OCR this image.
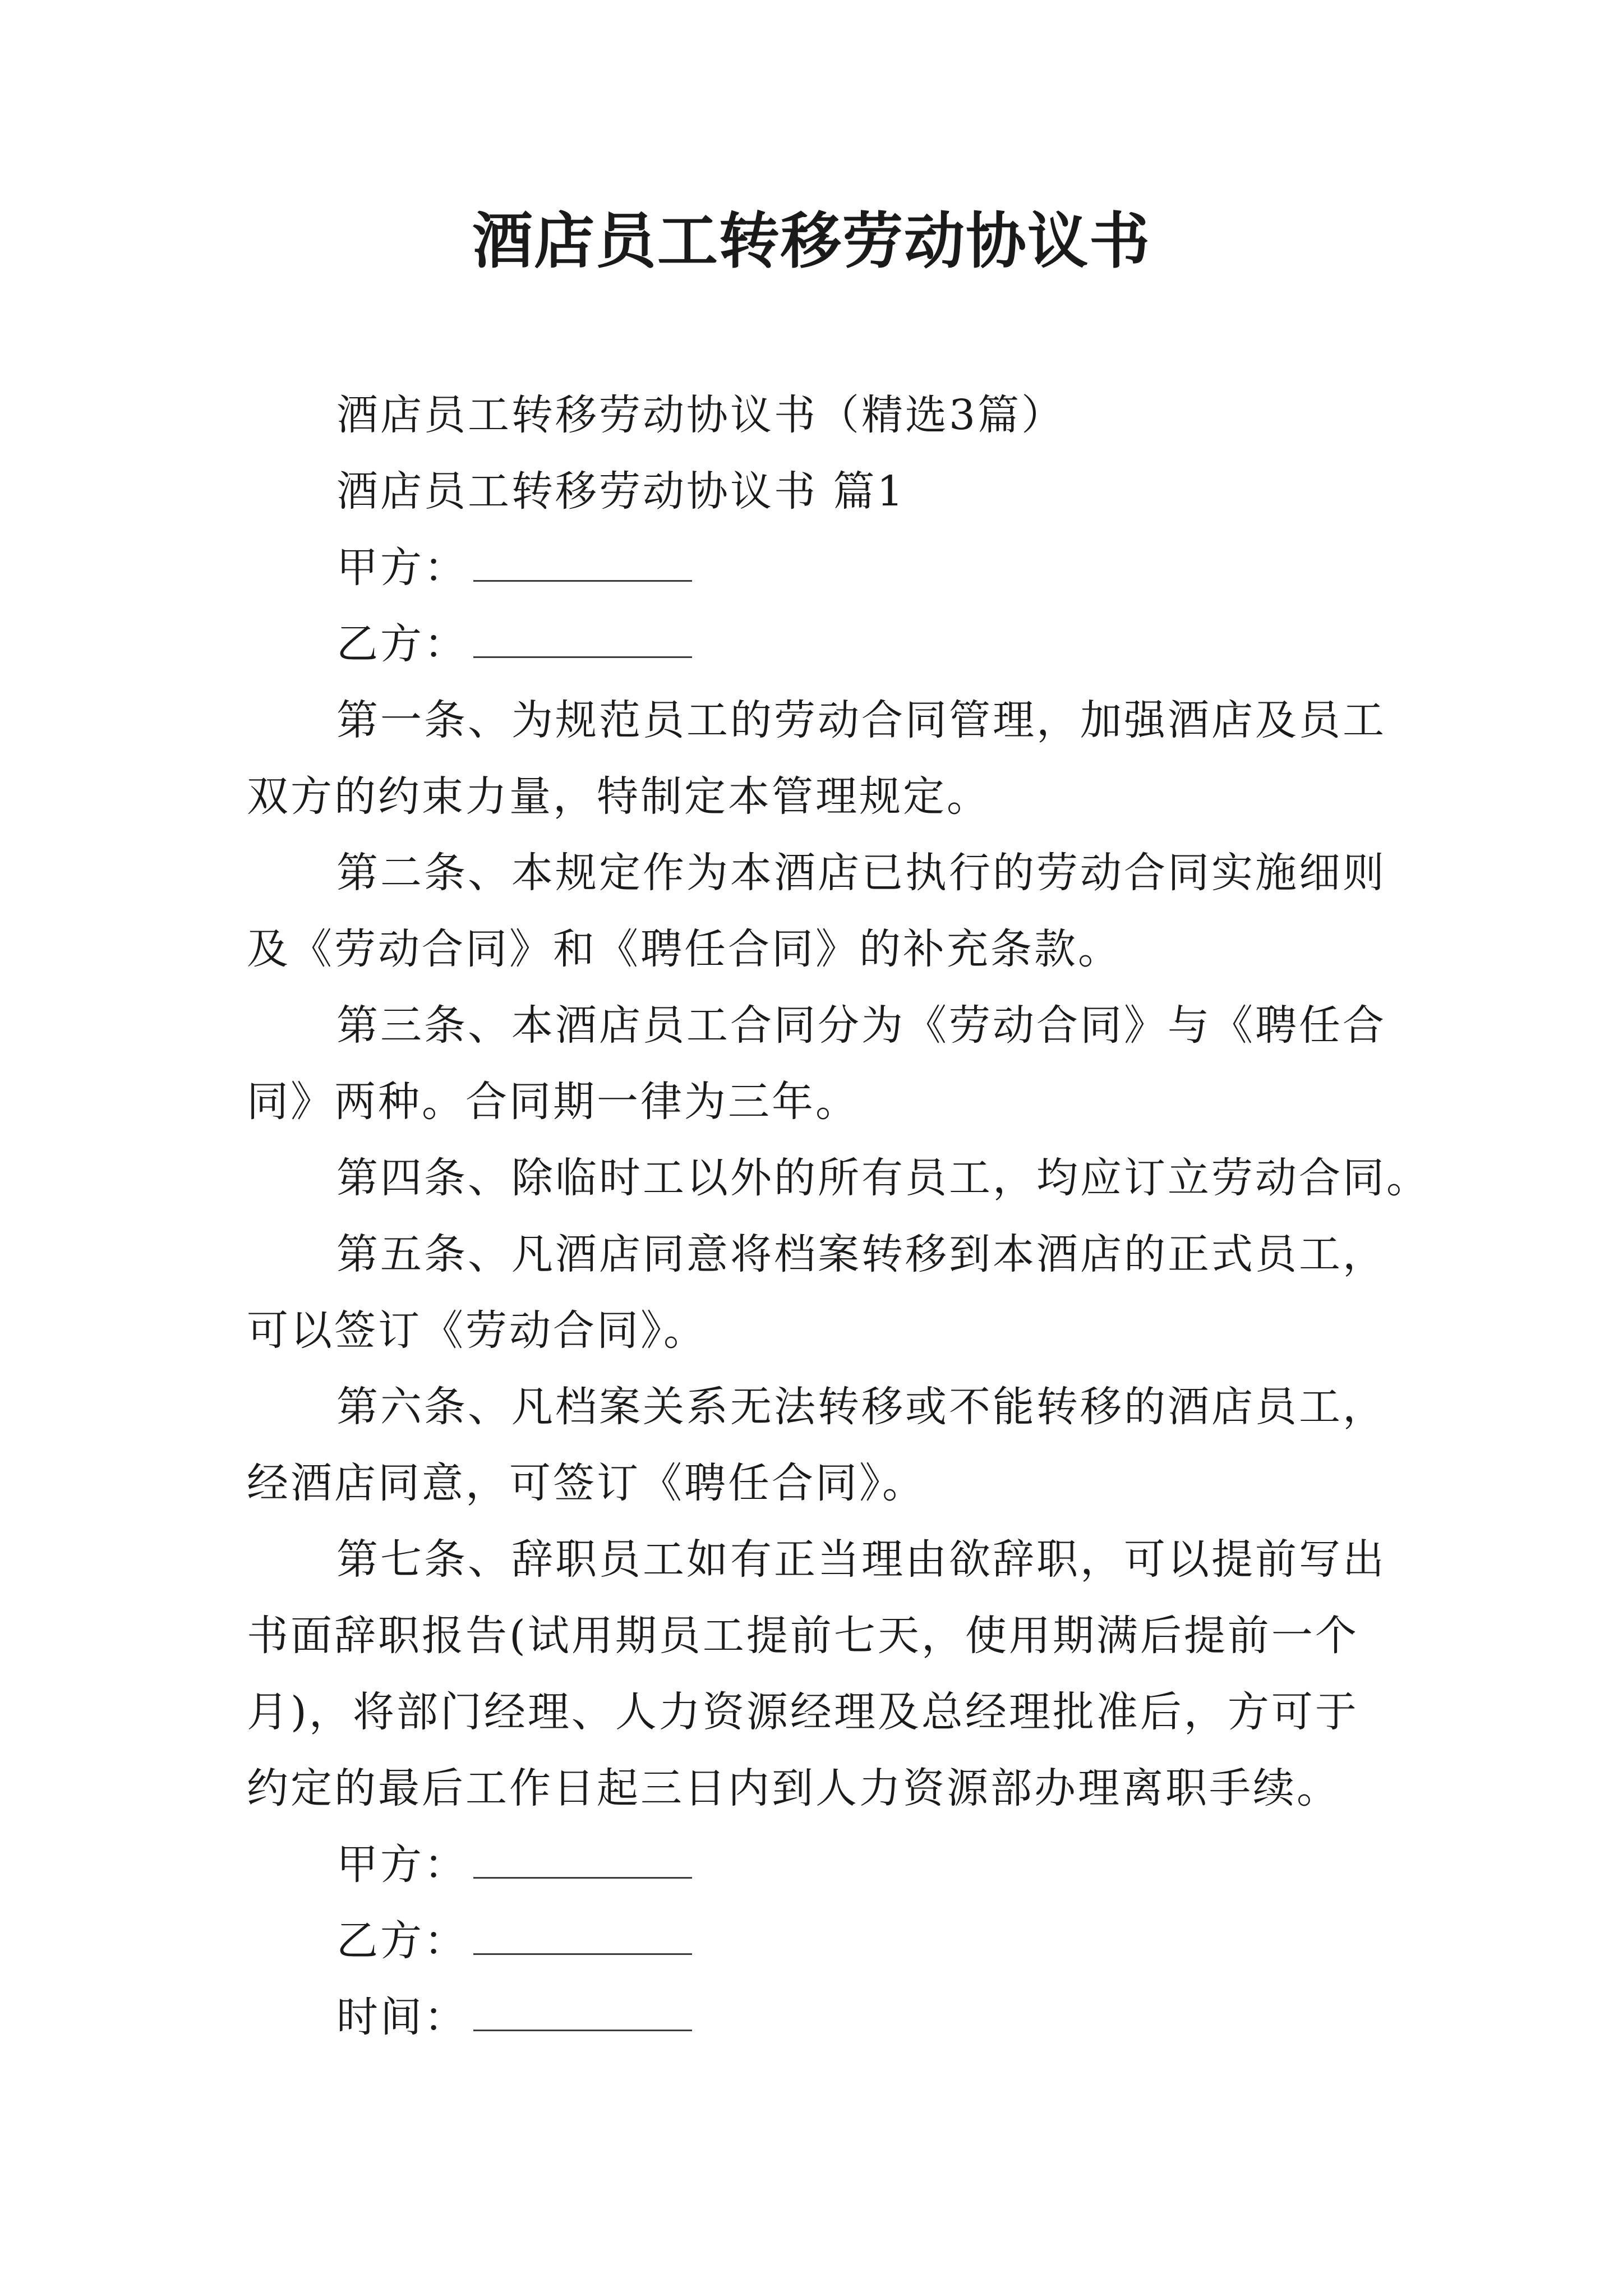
酒店员工转移劳动协议书

酒店员工转移劳动协议书（精选3篇）

酒店员工转移劳动协议书 篇1

甲方：

乙方：

第一条、为规范员工的劳动合同管理，加强酒店及员工

双方的约束力量，特制定本管理规定。

第二条、本规定作为本酒店已执行的劳动合同实施细则

及《劳动合同》和《聘任合同》的补充条款。

第三条、本酒店员工合同分为《劳动合同》与《聘任合

同》两种。合同期一律为三年。

第四条、除临时工以外的所有员工，均应订立劳动合同。

第五条、凡酒店同意将档案转移到本酒店的正式员工，

可以签订《劳动合同》。

第六条、凡档案关系无法转移或不能转移的酒店员工，

经酒店同意，可签订《聘任合同》。

第七条、辞职员工如有正当理由欲辞职，可以提前写出

书面辞职报告(试用期员工提前七天，使用期满后提前一个

月)，将部门经理、人力资源经理及总经理批准后，方可于

约定的最后工作日起三日内到人力资源部办理离职手续。

甲方：

乙方：

时间：
